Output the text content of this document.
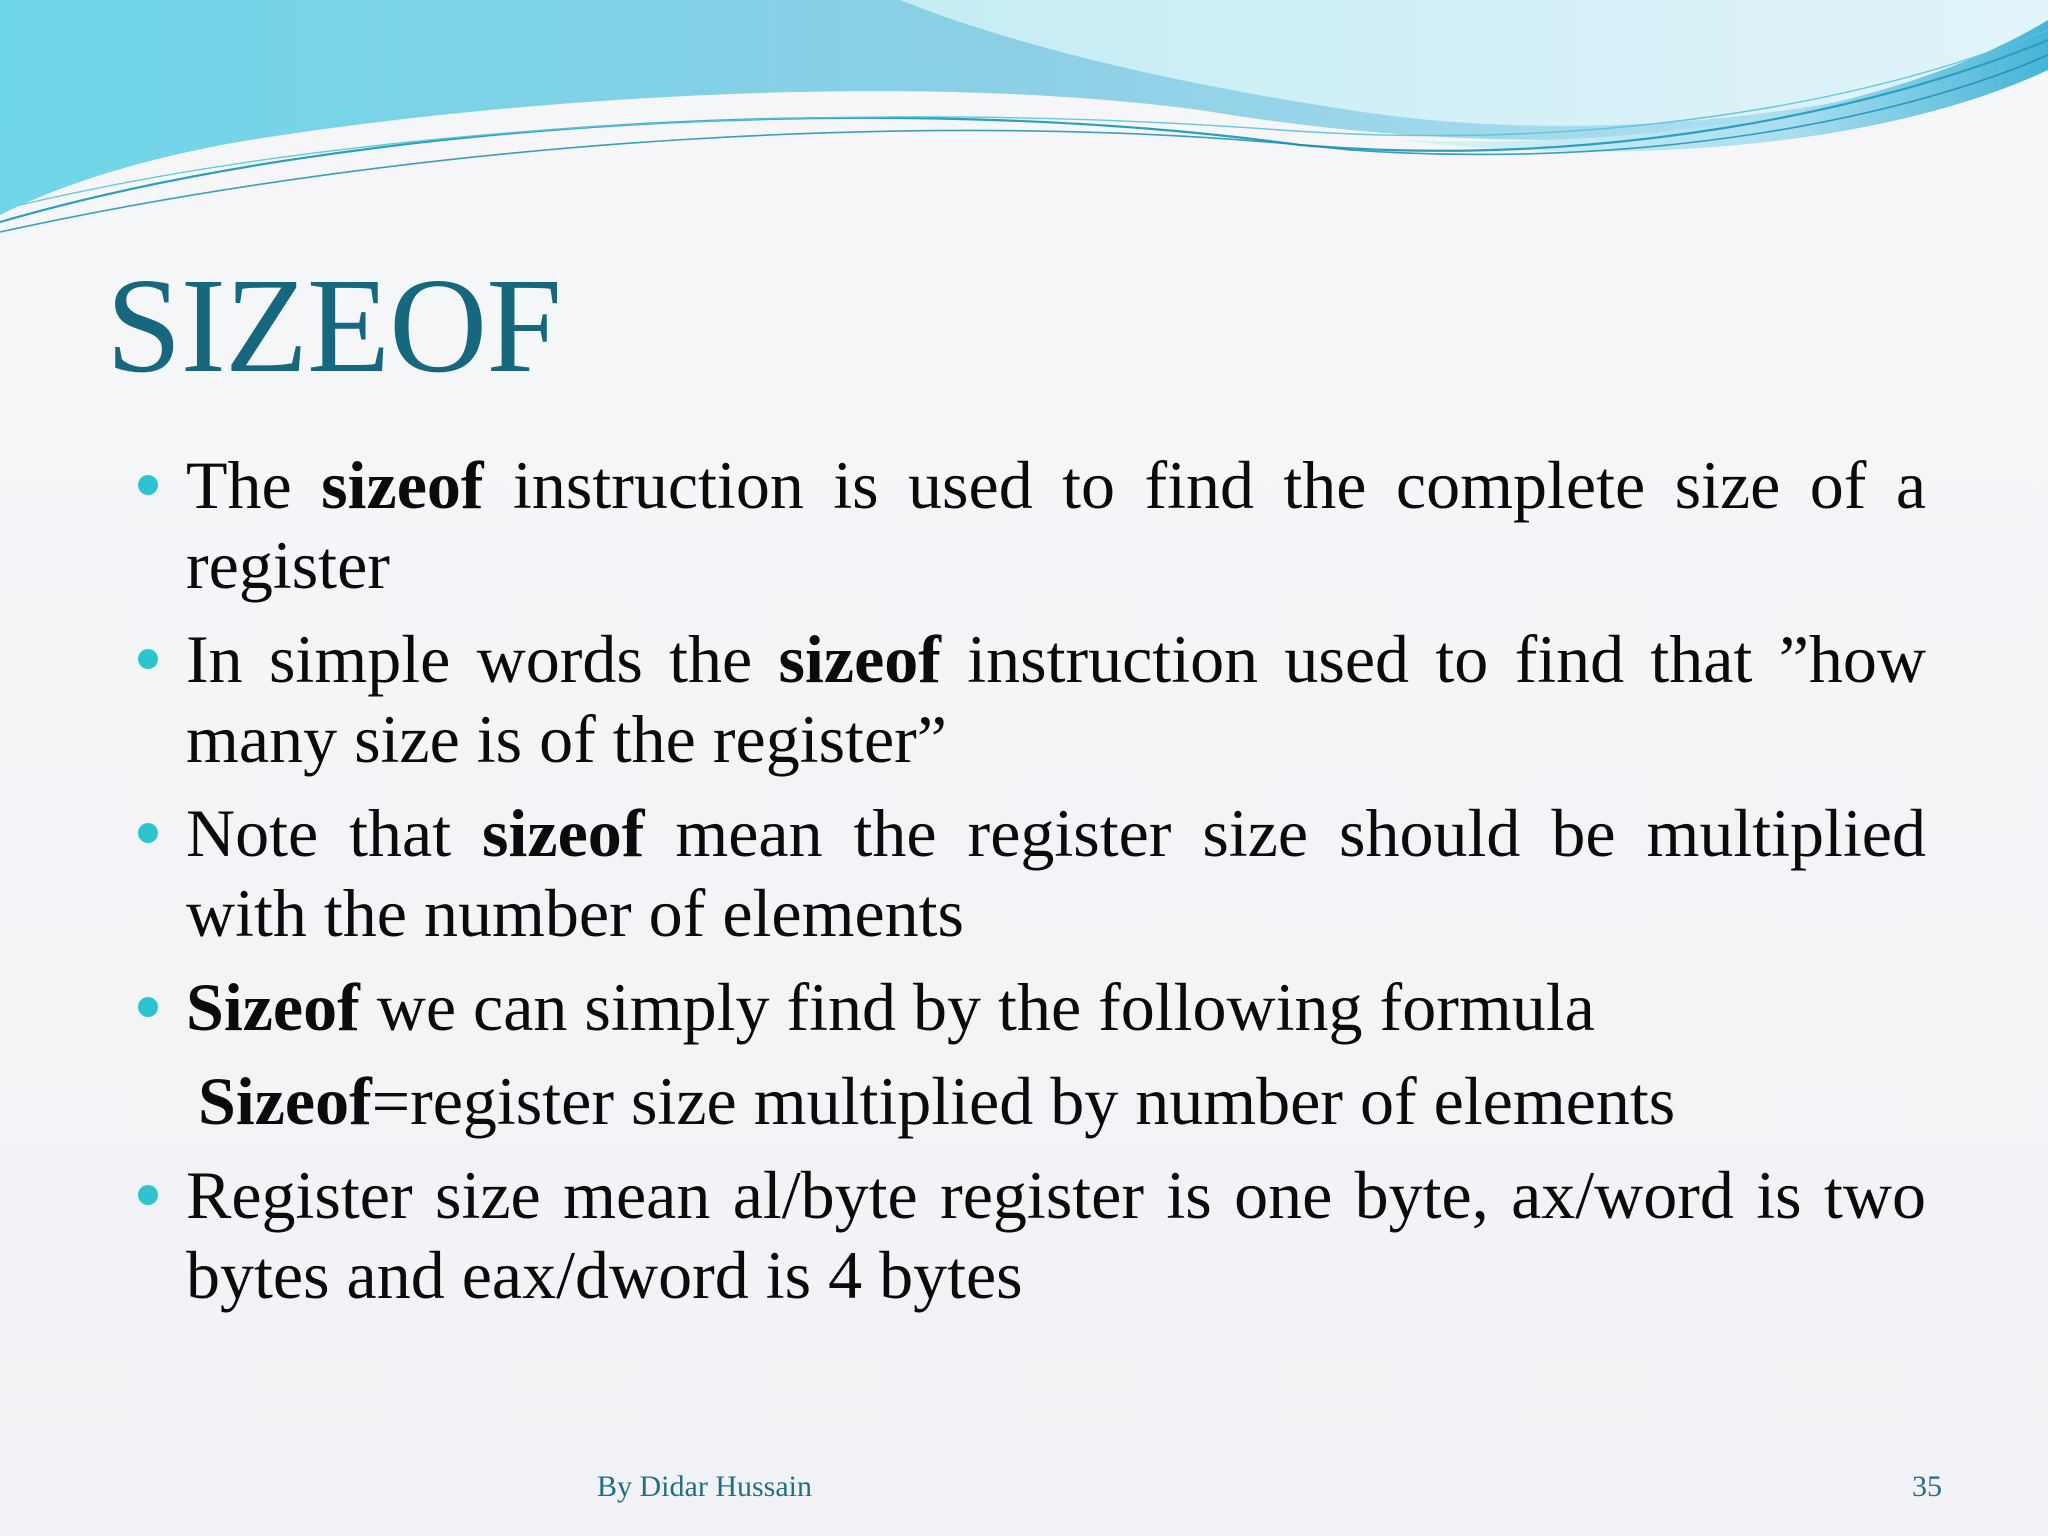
SIZEOF
The sizeof instruction is used to find the complete size of a register
In simple words the sizeof instruction used to find that ”how many size is of the register”
Note that sizeof mean the register size should be multiplied with the number of elements
Sizeof we can simply find by the following formula
Sizeof=register size multiplied by number of elements
Register size mean al/byte register is one byte, ax/word is two bytes and eax/dword is 4 bytes
By Didar Hussain	35
